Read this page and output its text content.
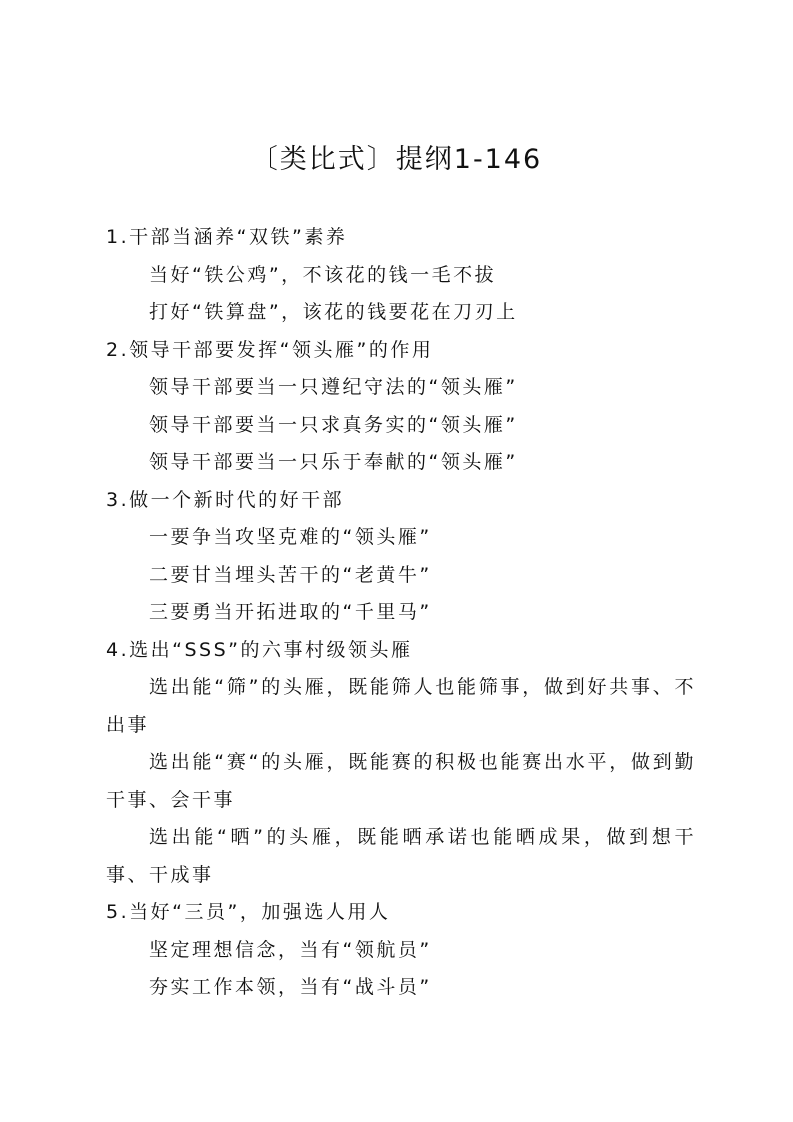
〔类比式〕提纲1-146
1.干部当涵养“双铁”素养
当好“铁公鸡”，不该花的钱一毛不拔
打好“铁算盘”，该花的钱要花在刀刃上
2.领导干部要发挥“领头雁”的作用
领导干部要当一只遵纪守法的“领头雁”
领导干部要当一只求真务实的“领头雁”
领导干部要当一只乐于奉献的“领头雁”
3.做一个新时代的好干部
一要争当攻坚克难的“领头雁”
二要甘当埋头苦干的“老黄牛”
三要勇当开拓进取的“千里马”
4.选出“SSS”的六事村级领头雁
选出能“筛”的头雁，既能筛人也能筛事，做到好共事、不出事
选出能“赛“的头雁，既能赛的积极也能赛出水平，做到勤干事、会干事
选出能“晒”的头雁，既能晒承诺也能晒成果，做到想干事、干成事
5.当好“三员”，加强选人用人
坚定理想信念，当有“领航员”
夯实工作本领，当有“战斗员”
